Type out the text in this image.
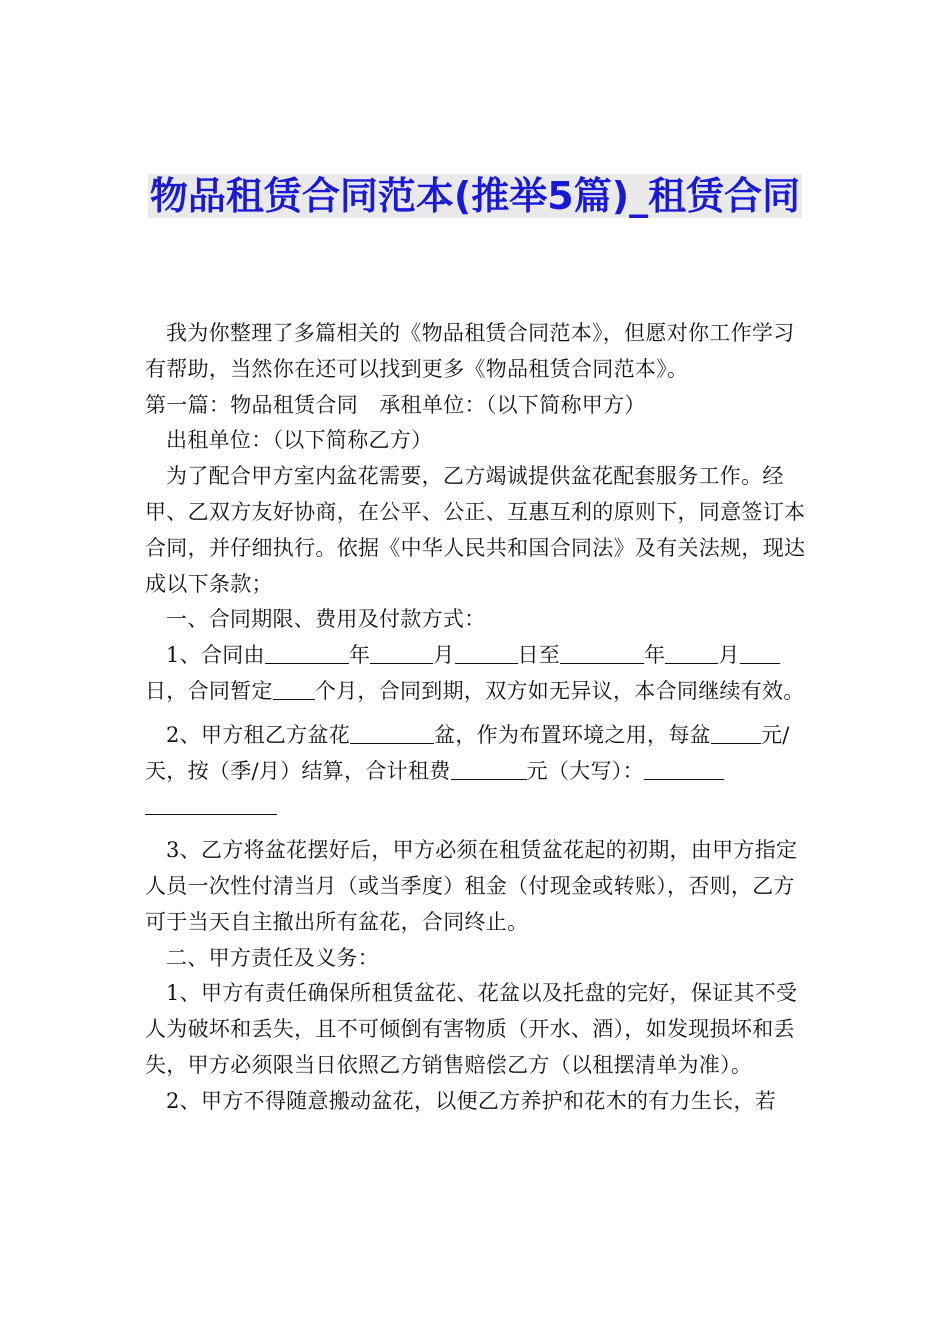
物品租赁合同范本(推举5篇)_租赁合同

我为你整理了多篇相关的《物品租赁合同范本》，但愿对你工作学习有帮助，当然你在还可以找到更多《物品租赁合同范本》。

第一篇：物品租赁合同　承租单位：（以下简称甲方）

出租单位：（以下简称乙方）

为了配合甲方室内盆花需要，乙方竭诚提供盆花配套服务工作。经甲、乙双方友好协商，在公平、公正、互惠互利的原则下，同意签订本合同，并仔细执行。依据《中华人民共和国合同法》及有关法规，现达成以下条款；

一、合同期限、费用及付款方式：

1、合同由	年	月	日至	年	月日，合同暂定 个月，合同到期，双方如无异议，本合同继续有效。

2、甲方租乙方盆花	盆，作为布置环境之用，每盆 元/天，按（季/月）结算，合计租费	元（大写）：

3、乙方将盆花摆好后，甲方必须在租赁盆花起的初期，由甲方指定人员一次性付清当月（或当季度）租金（付现金或转账），否则，乙方可于当天自主撤出所有盆花，合同终止。

二、甲方责任及义务：

1、甲方有责任确保所租赁盆花、花盆以及托盘的完好，保证其不受人为破坏和丢失，且不可倾倒有害物质（开水、酒），如发现损坏和丢失，甲方必须限当日依照乙方销售赔偿乙方（以租摆清单为准）。

2、甲方不得随意搬动盆花，以便乙方养护和花木的有力生长，若
